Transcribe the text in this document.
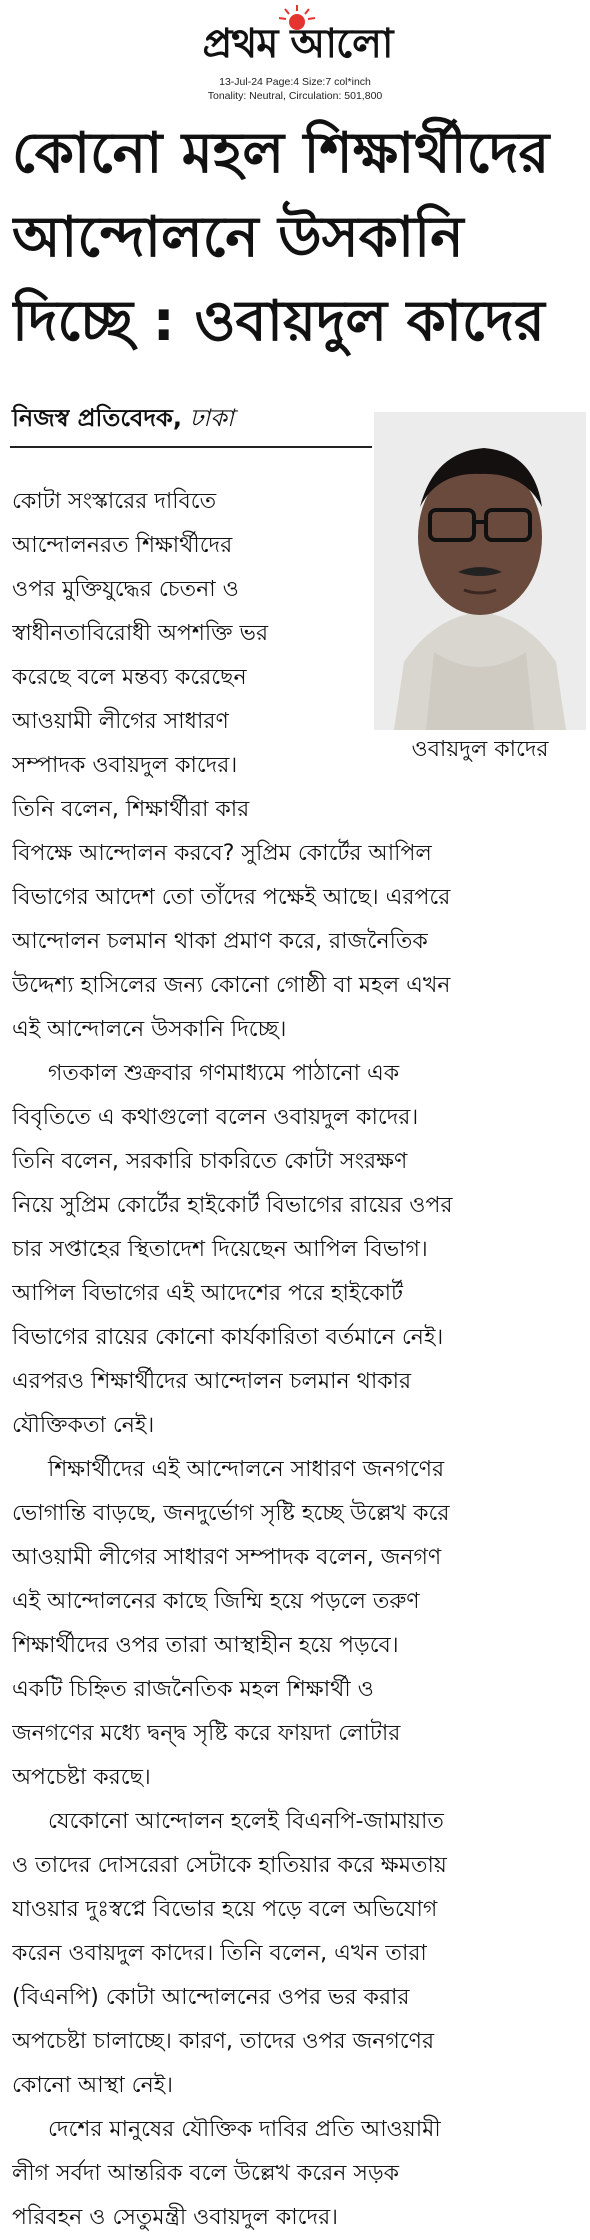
প্রথম আলো
13-Jul-24 Page:4 Size:7 col*inch
Tonality: Neutral, Circulation: 501,800
কোনো মহল শিক্ষার্থীদের
আন্দোলনে উসকানি
দিচ্ছে : ওবায়দুল কাদের
নিজস্ব প্রতিবেদক, ঢাকা
ওবায়দুল কাদের
কোটা সংস্কারের দাবিতে
আন্দোলনরত শিক্ষার্থীদের
ওপর মুক্তিযুদ্ধের চেতনা ও
স্বাধীনতাবিরোধী অপশক্তি ভর
করেছে বলে মন্তব্য করেছেন
আওয়ামী লীগের সাধারণ
সম্পাদক ওবায়দুল কাদের।
তিনি বলেন, শিক্ষার্থীরা কার
বিপক্ষে আন্দোলন করবে? সুপ্রিম কোর্টের আপিল
বিভাগের আদেশ তো তাঁদের পক্ষেই আছে। এরপরে
আন্দোলন চলমান থাকা প্রমাণ করে, রাজনৈতিক
উদ্দেশ্য হাসিলের জন্য কোনো গোষ্ঠী বা মহল এখন
এই আন্দোলনে উসকানি দিচ্ছে।
গতকাল শুক্রবার গণমাধ্যমে পাঠানো এক
বিবৃতিতে এ কথাগুলো বলেন ওবায়দুল কাদের।
তিনি বলেন, সরকারি চাকরিতে কোটা সংরক্ষণ
নিয়ে সুপ্রিম কোর্টের হাইকোর্ট বিভাগের রায়ের ওপর
চার সপ্তাহের স্থিতাদেশ দিয়েছেন আপিল বিভাগ।
আপিল বিভাগের এই আদেশের পরে হাইকোর্ট
বিভাগের রায়ের কোনো কার্যকারিতা বর্তমানে নেই।
এরপরও শিক্ষার্থীদের আন্দোলন চলমান থাকার
যৌক্তিকতা নেই।
শিক্ষার্থীদের এই আন্দোলনে সাধারণ জনগণের
ভোগান্তি বাড়ছে, জনদুর্ভোগ সৃষ্টি হচ্ছে উল্লেখ করে
আওয়ামী লীগের সাধারণ সম্পাদক বলেন, জনগণ
এই আন্দোলনের কাছে জিম্মি হয়ে পড়লে তরুণ
শিক্ষার্থীদের ওপর তারা আস্থাহীন হয়ে পড়বে।
একটি চিহ্নিত রাজনৈতিক মহল শিক্ষার্থী ও
জনগণের মধ্যে দ্বন্দ্ব সৃষ্টি করে ফায়দা লোটার
অপচেষ্টা করছে।
যেকোনো আন্দোলন হলেই বিএনপি-জামায়াত
ও তাদের দোসরেরা সেটাকে হাতিয়ার করে ক্ষমতায়
যাওয়ার দুঃস্বপ্নে বিভোর হয়ে পড়ে বলে অভিযোগ
করেন ওবায়দুল কাদের। তিনি বলেন, এখন তারা
(বিএনপি) কোটা আন্দোলনের ওপর ভর করার
অপচেষ্টা চালাচ্ছে। কারণ, তাদের ওপর জনগণের
কোনো আস্থা নেই।
দেশের মানুষের যৌক্তিক দাবির প্রতি আওয়ামী
লীগ সর্বদা আন্তরিক বলে উল্লেখ করেন সড়ক
পরিবহন ও সেতুমন্ত্রী ওবায়দুল কাদের।
